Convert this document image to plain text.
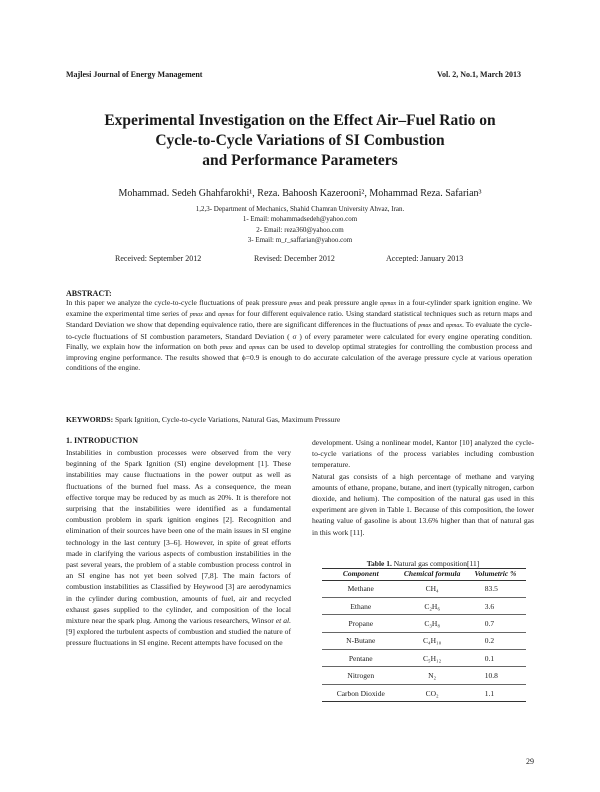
Majlesi Journal of Energy Management	Vol. 2, No.1, March 2013
Experimental Investigation on the Effect Air–Fuel Ratio on
Cycle-to-Cycle Variations of SI Combustion
and Performance Parameters
Mohammad. Sedeh Ghahfarokhi¹, Reza. Bahoosh Kazerooni², Mohammad Reza. Safarian³
1,2,3- Department of Mechanics, Shahid Chamran University Ahvaz, Iran.
1- Email: mohammadsedeh@yahoo.com
2- Email: reza360@yahoo.com
3- Email: m_r_saffarian@yahoo.com
Received: September 2012	Revised: December 2012	Accepted: January 2013
ABSTRACT:
In this paper we analyze the cycle-to-cycle fluctuations of peak pressure pmax and peak pressure angle αpmax in a four-cylinder spark ignition engine. We examine the experimental time series of pmax and αpmax for four different equivalence ratio. Using standard statistical techniques such as return maps and Standard Deviation we show that depending equivalence ratio, there are significant differences in the fluctuations of pmax and αpmax. To evaluate the cycle-to-cycle fluctuations of SI combustion parameters, Standard Deviation ( σ ) of every parameter were calculated for every engine operating condition. Finally, we explain how the information on both pmax and αpmax can be used to develop optimal strategies for controlling the combustion process and improving engine performance. The results showed that ϕ=0.9 is enough to do accurate calculation of the average pressure cycle at various operation conditions of the engine.
KEYWORDS: Spark Ignition, Cycle-to-cycle Variations, Natural Gas, Maximum Pressure
1. INTRODUCTION

Instabilities in combustion processes were observed from the very beginning of the Spark Ignition (SI) engine development [1]. These instabilities may cause fluctuations in the power output as well as fluctuations of the burned fuel mass. As a consequence, the mean effective torque may be reduced by as much as 20%. It is therefore not surprising that the instabilities were identified as a fundamental combustion problem in spark ignition engines [2]. Recognition and elimination of their sources have been one of the main issues in SI engine technology in the last century [3–6]. However, in spite of great efforts made in clarifying the various aspects of combustion instabilities in the past several years, the problem of a stable combustion process control in an SI engine has not yet been solved [7,8]. The main factors of combustion instabilities as Classified by Heywood [3] are aerodynamics in the cylinder during combustion, amounts of fuel, air and recycled exhaust gases supplied to the cylinder, and composition of the local mixture near the spark plug. Among the various researchers, Winsor et al. [9] explored the turbulent aspects of combustion and studied the nature of pressure fluctuations in SI engine. Recent attempts have focused on the

development. Using a nonlinear model, Kantor [10] analyzed the cycle-to-cycle variations of the process variables including combustion temperature.

Natural gas consists of a high percentage of methane and varying amounts of ethane, propane, butane, and inert (typically nitrogen, carbon dioxide, and helium). The composition of the natural gas used in this experiment are given in Table 1. Because of this composition, the lower heating value of gasoline is about 13.6% higher than that of natural gas in this work [11].

Table 1. Natural gas composition[11]
Component	Chemical formula	Volumetric %
Methane	CH₄	83.5
Ethane	C₂H₆	3.6
Propane	C₃H₈	0.7
N-Butane	C₄H₁₀	0.2
Pentane	C₅H₁₂	0.1
Nitrogen	N₂	10.8
Carbon Dioxide	CO₂	1.1
29
